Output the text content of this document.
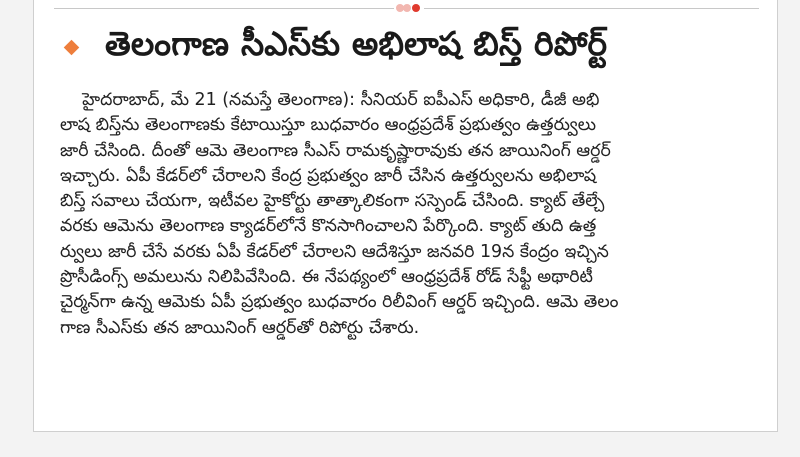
తెలంగాణ సీఎస్‌కు అభిలాష బిస్త్ రిపోర్ట్
హైదరాబాద్, మే 21 (నమస్తే తెలంగాణ): సీనియర్ ఐపీఎస్ అధికారి, డీజీ అభి
లాష బిస్త్‌ను తెలంగాణకు కేటాయిస్తూ బుధవారం ఆంధ్రప్రదేశ్ ప్రభుత్వం ఉత్తర్వులు
జారీ చేసింది. దీంతో ఆమె తెలంగాణ సీఎస్ రామకృష్ణారావుకు తన జాయినింగ్ ఆర్డర్
ఇచ్చారు. ఏపీ కేడర్‌లో చేరాలని కేంద్ర ప్రభుత్వం జారీ చేసిన ఉత్తర్వులను అభిలాష
బిస్త్ సవాలు చేయగా, ఇటీవల హైకోర్టు తాత్కాలికంగా సస్పెండ్ చేసింది. క్యాట్ తేల్చే
వరకు ఆమెను తెలంగాణ క్యాడర్‌లోనే కొనసాగించాలని పేర్కొంది. క్యాట్ తుది ఉత్త
ర్వులు జారీ చేసే వరకు ఏపీ కేడర్‌లో చేరాలని ఆదేశిస్తూ జనవరి 19న కేంద్రం ఇచ్చిన
ప్రొసీడింగ్స్ అమలును నిలిపివేసింది. ఈ నేపథ్యంలో ఆంధ్రప్రదేశ్ రోడ్ సేఫ్టీ అథారిటీ
చైర్మన్‌గా ఉన్న ఆమెకు ఏపీ ప్రభుత్వం బుధవారం రిలీవింగ్ ఆర్డర్ ఇచ్చింది. ఆమె తెలం
గాణ సీఎస్‌కు తన జాయినింగ్ ఆర్డర్‌తో రిపోర్టు చేశారు.
